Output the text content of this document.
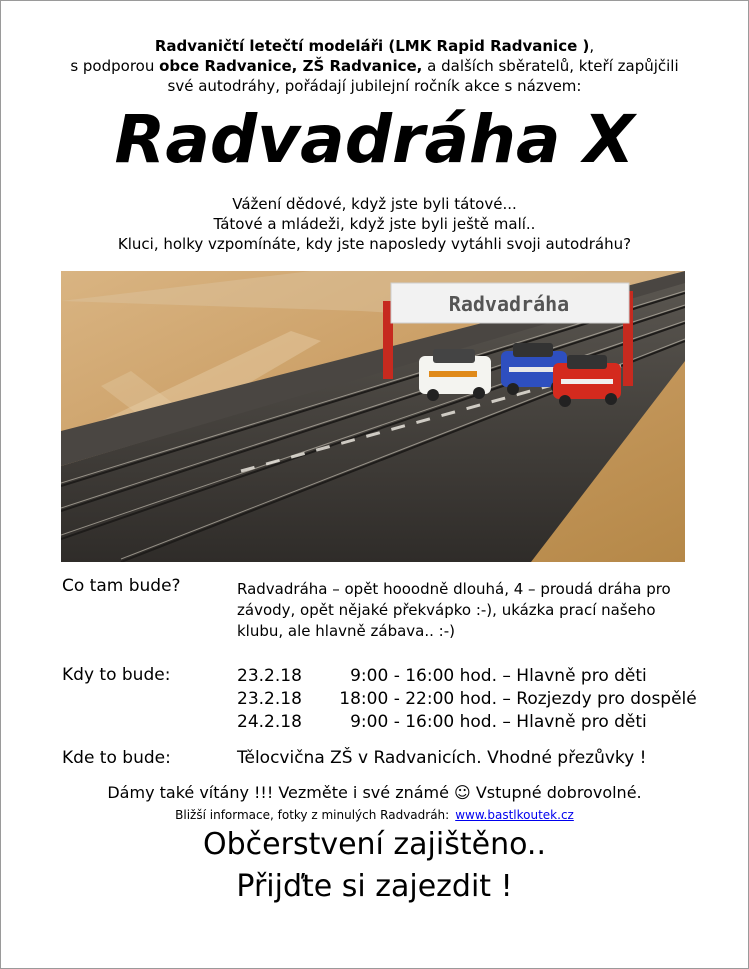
Radvaničtí letečtí modeláři (LMK Rapid Radvanice ),
s podporou obce Radvanice, ZŠ Radvanice, a dalších sběratelů, kteří zapůjčili
své autodráhy, pořádají jubilejní ročník akce s názvem:
Radvadráha X
Vážení dědové, když jste byli tátové...
Tátové a mládeži, když jste byli ještě malí..
Kluci, holky vzpomínáte, kdy jste naposledy vytáhli svoji autodráhu?
Radvadráha
Co tam bude?	Radvadráha – opět hooodně dlouhá, 4 – proudá dráha pro
závody, opět nějaké překvápko :-), ukázka prací našeho
klubu, ale hlavně zábava.. :-)
Kdy to bude:	23.2.18	9:00 - 16:00 hod. – Hlavně pro děti
23.2.18 18:00 - 22:00 hod. – Rozjezdy pro dospělé
24.2.18	9:00 - 16:00 hod. – Hlavně pro děti
Kde to bude:	Tělocvična ZŠ v Radvanicích. Vhodné přezůvky !
Dámy také vítány !!! Vezměte i své známé ☺ Vstupné dobrovolné.
Bližší informace, fotky z minulých Radvadráh: www.bastlkoutek.cz
Občerstvení zajištěno..
Přijďte si zajezdit !
